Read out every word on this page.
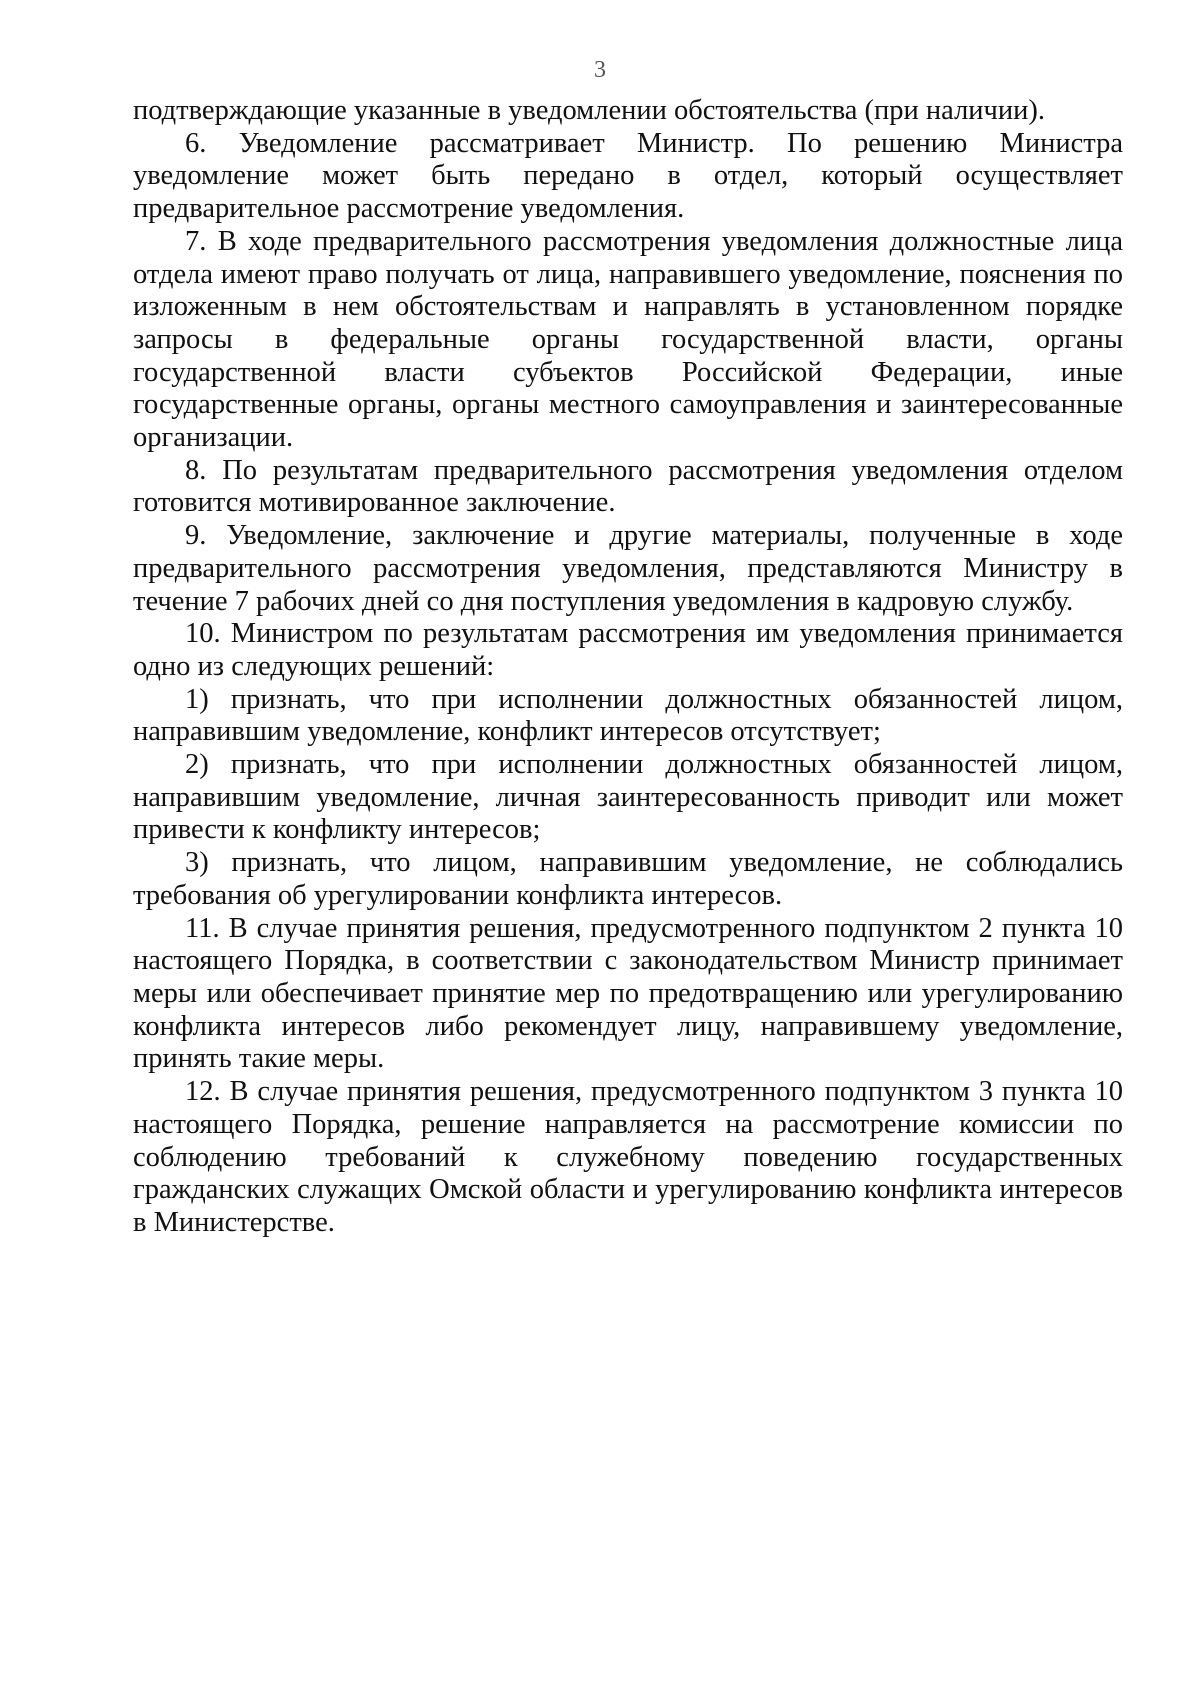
3

подтверждающие указанные в уведомлении обстоятельства (при наличии).

6. Уведомление рассматривает Министр. По решению Министра уведомление может быть передано в отдел, который осуществляет предварительное рассмотрение уведомления.

7. В ходе предварительного рассмотрения уведомления должностные лица отдела имеют право получать от лица, направившего уведомление, пояснения по изложенным в нем обстоятельствам и направлять в установленном порядке запросы в федеральные органы государственной власти, органы государственной власти субъектов Российской Федерации, иные государственные органы, органы местного самоуправления и заинтересованные организации.

8. По результатам предварительного рассмотрения уведомления отделом готовится мотивированное заключение.

9. Уведомление, заключение и другие материалы, полученные в ходе предварительного рассмотрения уведомления, представляются Министру в течение 7 рабочих дней со дня поступления уведомления в кадровую службу.

10. Министром по результатам рассмотрения им уведомления принимается одно из следующих решений:

1) признать, что при исполнении должностных обязанностей лицом, направившим уведомление, конфликт интересов отсутствует;

2) признать, что при исполнении должностных обязанностей лицом, направившим уведомление, личная заинтересованность приводит или может привести к конфликту интересов;

3) признать, что лицом, направившим уведомление, не соблюдались требования об урегулировании конфликта интересов.

11. В случае принятия решения, предусмотренного подпунктом 2 пункта 10 настоящего Порядка, в соответствии с законодательством Министр принимает меры или обеспечивает принятие мер по предотвращению или урегулированию конфликта интересов либо рекомендует лицу, направившему уведомление, принять такие меры.

12. В случае принятия решения, предусмотренного подпунктом 3 пункта 10 настоящего Порядка, решение направляется на рассмотрение комиссии по соблюдению требований к служебному поведению государственных гражданских служащих Омской области и урегулированию конфликта интересов в Министерстве.
